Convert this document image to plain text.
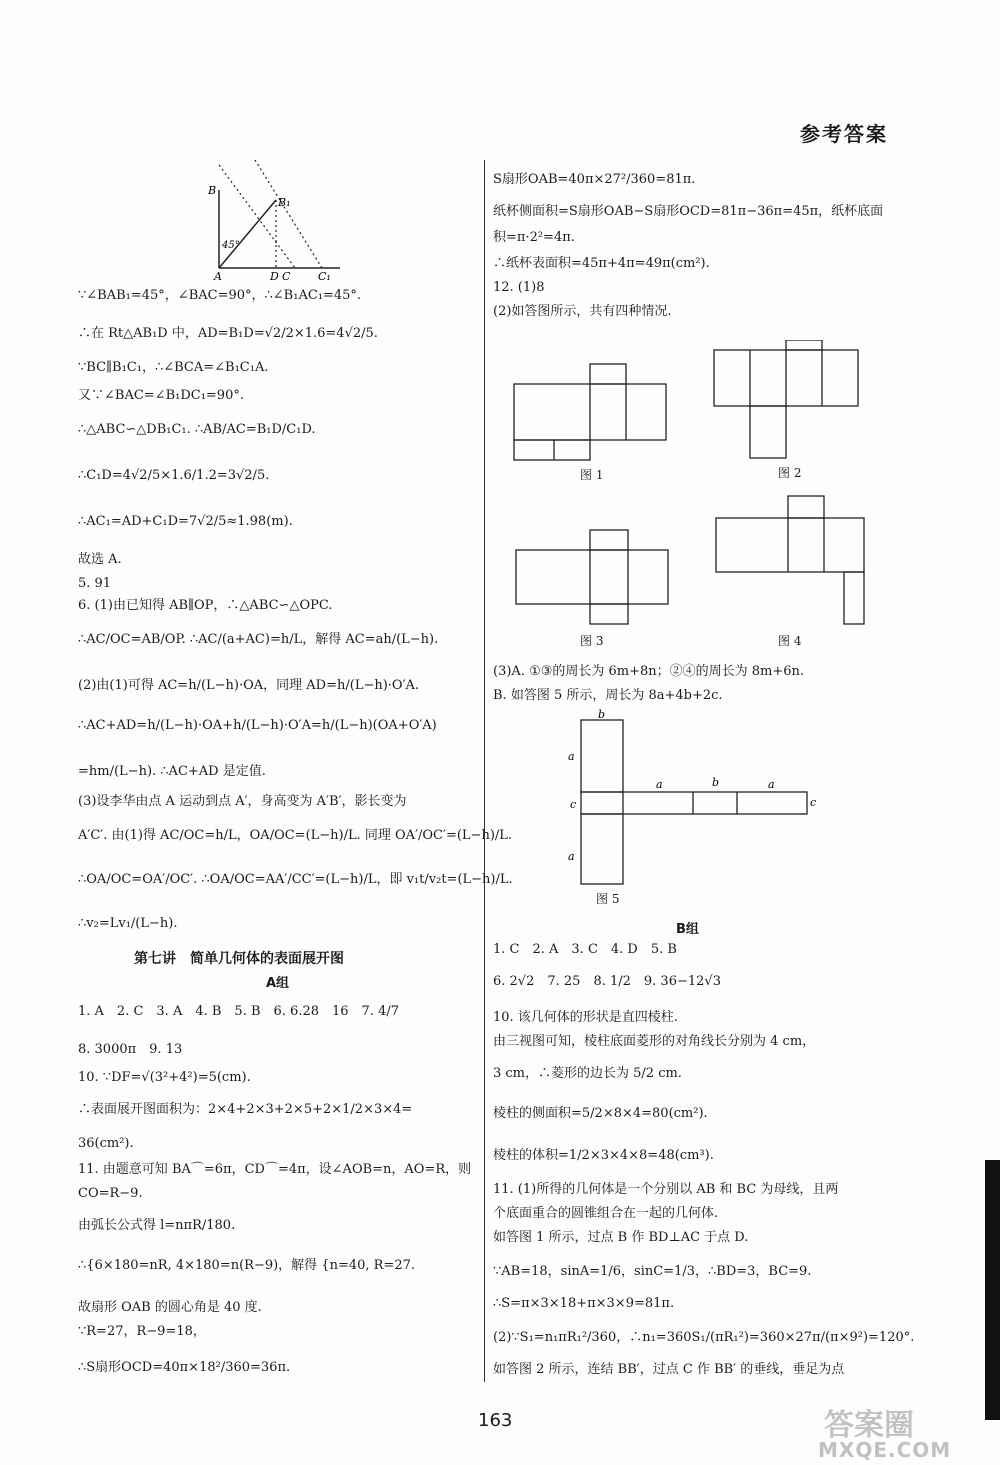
参考答案
B
B₁
A	D C	C₁
45°
∵∠BAB₁=45°，∠BAC=90°，∴∠B₁AC₁=45°.
∴在 Rt△AB₁D 中，AD=B₁D=√2/2×1.6=4√2/5.
∵BC∥B₁C₁，∴∠BCA=∠B₁C₁A.
又∵∠BAC=∠B₁DC₁=90°.
∴△ABC∽△DB₁C₁. ∴AB/AC=B₁D/C₁D.
∴C₁D=4√2/5×1.6/1.2=3√2/5.
∴AC₁=AD+C₁D=7√2/5≈1.98(m).
故选 A.
5. 91
6. (1)由已知得 AB∥OP，∴△ABC∽△OPC.
∴AC/OC=AB/OP. ∴AC/(a+AC)=h/L，解得 AC=ah/(L−h).
(2)由(1)可得 AC=h/(L−h)·OA，同理 AD=h/(L−h)·O′A.
∴AC+AD=h/(L−h)·OA+h/(L−h)·O′A=h/(L−h)(OA+O′A)
=hm/(L−h). ∴AC+AD 是定值.
(3)设李华由点 A 运动到点 A′，身高变为 A′B′，影长变为
A′C′. 由(1)得 AC/OC=h/L，OA/OC=(L−h)/L. 同理 OA′/OC′=(L−h)/L.
∴OA/OC=OA′/OC′. ∴OA/OC=AA′/CC′=(L−h)/L，即 v₁t/v₂t=(L−h)/L.
∴v₂=Lv₁/(L−h).
第七讲　简单几何体的表面展开图
A组
1. A　2. C　3. A　4. B　5. B　6. 6.28　16　7. 4/7
8. 3000π　9. 13
10. ∵DF=√(3²+4²)=5(cm).
∴表面展开图面积为：2×4+2×3+2×5+2×1/2×3×4=
36(cm²).
11. 由题意可知 BA⌒=6π，CD⌒=4π，设∠AOB=n，AO=R，则
CO=R−9.
由弧长公式得 l=nπR/180.
∴{6×180=nR, 4×180=n(R−9)，解得 {n=40, R=27.
故扇形 OAB 的圆心角是 40 度.
∵R=27，R−9=18，
∴S扇形OCD=40π×18²/360=36π.
S扇形OAB=40π×27²/360=81π.
纸杯侧面积=S扇形OAB−S扇形OCD=81π−36π=45π，纸杯底面
积=π·2²=4π.
∴纸杯表面积=45π+4π=49π(cm²).
12. (1)8
(2)如答图所示，共有四种情况.
图 1	图 2
图 3	图 4
(3)A. ①③的周长为 6m+8n；②④的周长为 8m+6n.
B. 如答图 5 所示，周长为 8a+4b+2c.
b
a
a	b	a
c	c
a
图 5
B组
1. C　2. A　3. C　4. D　5. B
6. 2√2　7. 25　8. 1/2　9. 36−12√3
10. 该几何体的形状是直四棱柱.
由三视图可知，棱柱底面菱形的对角线长分别为 4 cm，
3 cm，∴菱形的边长为 5/2 cm.
棱柱的侧面积=5/2×8×4=80(cm²).
棱柱的体积=1/2×3×4×8=48(cm³).
11. (1)所得的几何体是一个分别以 AB 和 BC 为母线，且两
个底面重合的圆锥组合在一起的几何体.
如答图 1 所示，过点 B 作 BD⊥AC 于点 D.
∵AB=18，sinA=1/6，sinC=1/3，∴BD=3，BC=9.
∴S=π×3×18+π×3×9=81π.
(2)∵S₁=n₁πR₁²/360，∴n₁=360S₁/(πR₁²)=360×27π/(π×9²)=120°.
如答图 2 所示，连结 BB′，过点 C 作 BB′ 的垂线，垂足为点
163	答案圈
MXQE.COM
